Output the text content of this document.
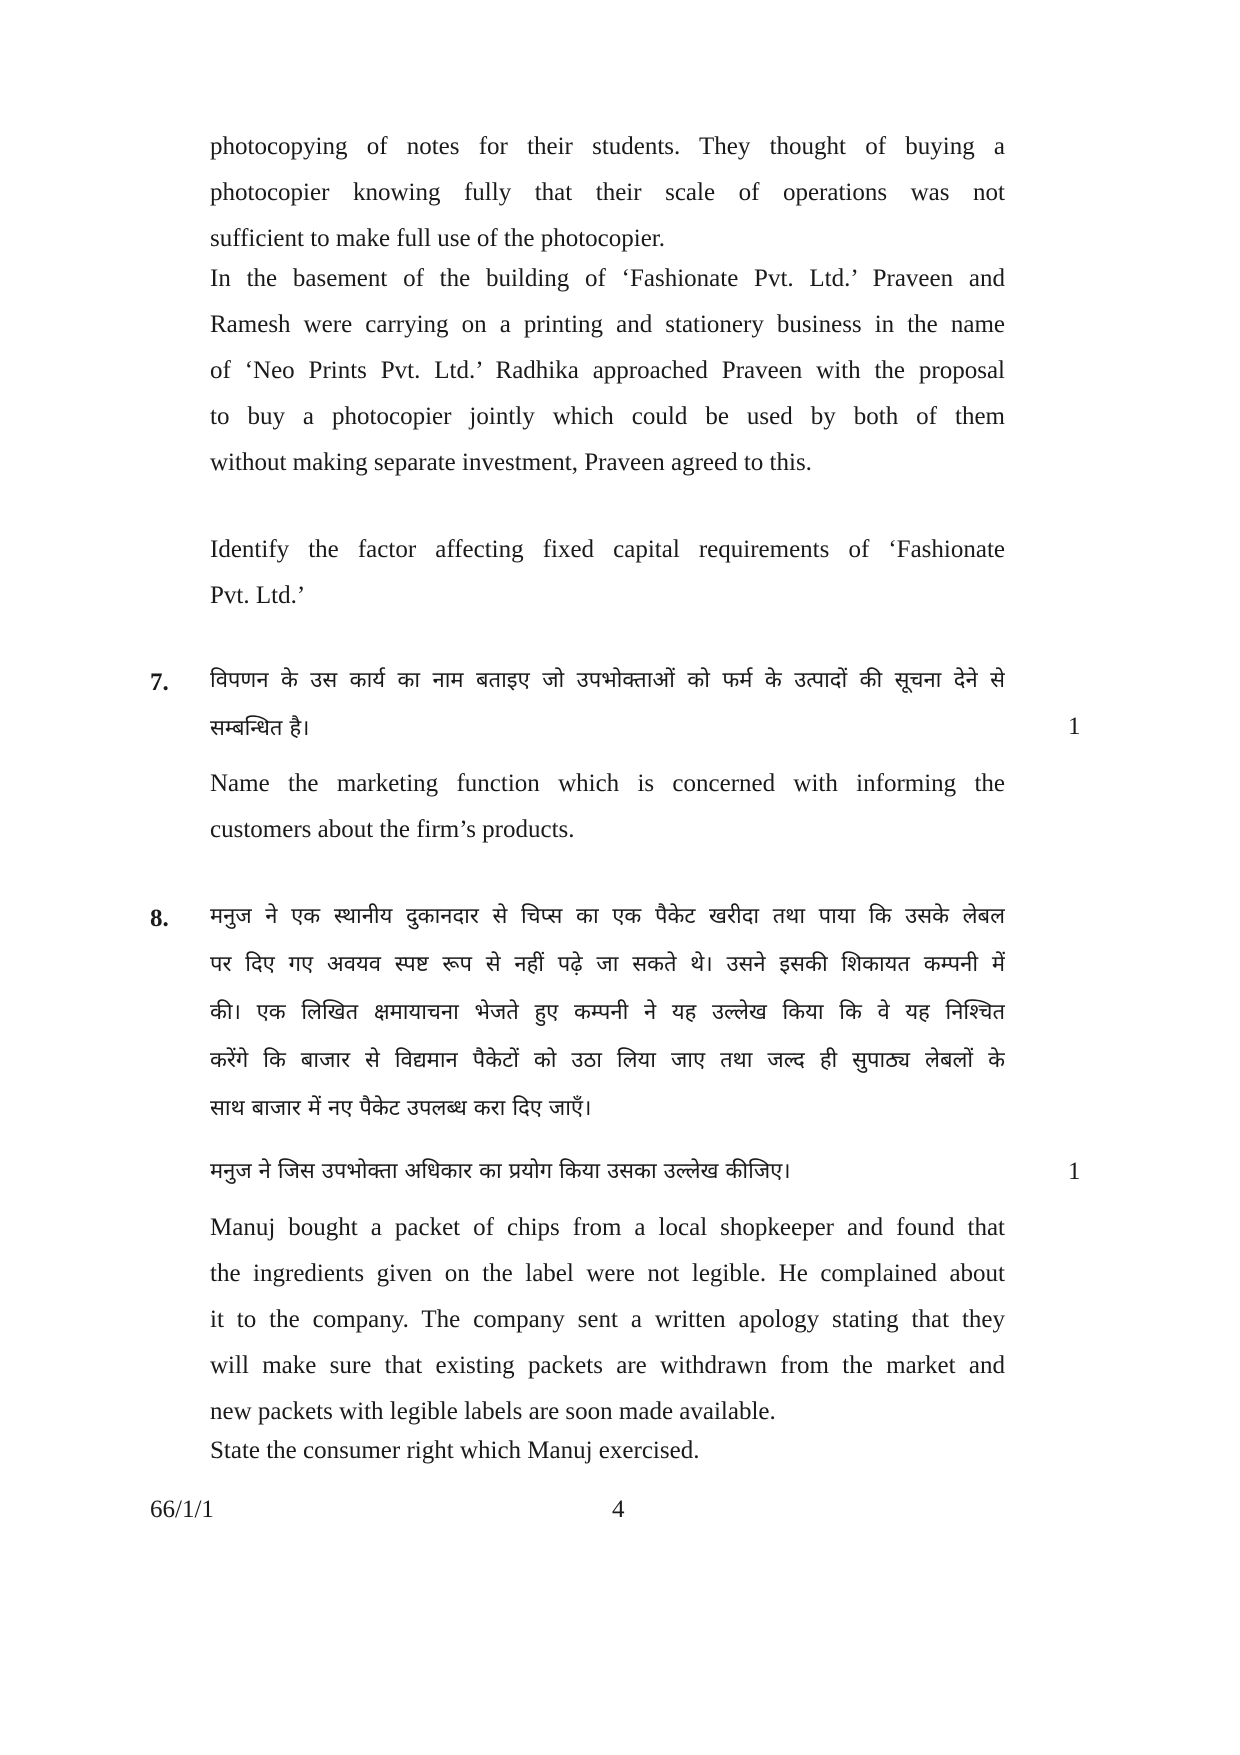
photocopying of notes for their students. They thought of buying a
photocopier knowing fully that their scale of operations was not
sufficient to make full use of the photocopier.
In the basement of the building of ‘Fashionate Pvt. Ltd.’ Praveen and
Ramesh were carrying on a printing and stationery business in the name
of ‘Neo Prints Pvt. Ltd.’ Radhika approached Praveen with the proposal
to buy a photocopier jointly which could be used by both of them
without making separate investment, Praveen agreed to this.
Identify the factor affecting fixed capital requirements of ‘Fashionate
Pvt. Ltd.’
7. विपणन के उस कार्य का नाम बताइए जो उपभोक्ताओं को फर्म के उत्पादों की सूचना देने से
सम्बन्धित है।	1
Name the marketing function which is concerned with informing the
customers about the firm’s products.
8. मनुज ने एक स्थानीय दुकानदार से चिप्स का एक पैकेट खरीदा तथा पाया कि उसके लेबल
पर दिए गए अवयव स्पष्ट रूप से नहीं पढ़े जा सकते थे। उसने इसकी शिकायत कम्पनी में
की। एक लिखित क्षमायाचना भेजते हुए कम्पनी ने यह उल्लेख किया कि वे यह निश्चित
करेंगे कि बाजार से विद्यमान पैकेटों को उठा लिया जाए तथा जल्द ही सुपाठ्य लेबलों के
साथ बाजार में नए पैकेट उपलब्ध करा दिए जाएँ।
मनुज ने जिस उपभोक्ता अधिकार का प्रयोग किया उसका उल्लेख कीजिए।	1
Manuj bought a packet of chips from a local shopkeeper and found that
the ingredients given on the label were not legible. He complained about
it to the company. The company sent a written apology stating that they
will make sure that existing packets are withdrawn from the market and
new packets with legible labels are soon made available.
State the consumer right which Manuj exercised.
66/1/1	4
